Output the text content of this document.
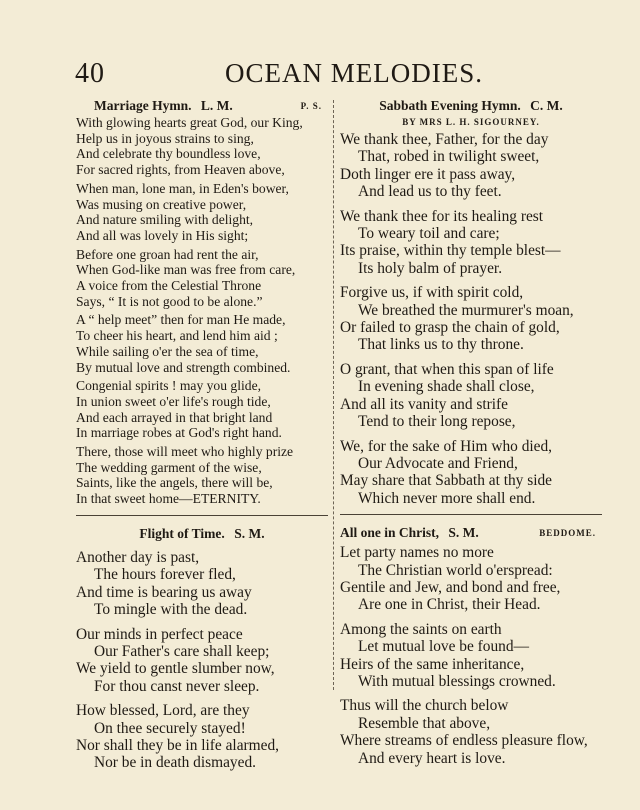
40	OCEAN MELODIES.
Marriage Hymn. L. M.	P. S.
With glowing hearts great God, our King,
Help us in joyous strains to sing,
And celebrate thy boundless love,
For sacred rights, from Heaven above,
When man, lone man, in Eden's bower,
Was musing on creative power,
And nature smiling with delight,
And all was lovely in His sight;
Before one groan had rent the air,
When God-like man was free from care,
A voice from the Celestial Throne
Says, “ It is not good to be alone.”
A “ help meet” then for man He made,
To cheer his heart, and lend him aid ;
While sailing o'er the sea of time,
By mutual love and strength combined.
Congenial spirits ! may you glide,
In union sweet o'er life's rough tide,
And each arrayed in that bright land
In marriage robes at God's right hand.
There, those will meet who highly prize
The wedding garment of the wise,
Saints, like the angels, there will be,
In that sweet home—ETERNITY.
Flight of Time. S. M.
Another day is past,
The hours forever fled,
And time is bearing us away
To mingle with the dead.
Our minds in perfect peace
Our Father's care shall keep;
We yield to gentle slumber now,
For thou canst never sleep.
How blessed, Lord, are they
On thee securely stayed!
Nor shall they be in life alarmed,
Nor be in death dismayed.
Sabbath Evening Hymn. C. M.
BY MRS L. H. SIGOURNEY.
We thank thee, Father, for the day
That, robed in twilight sweet,
Doth linger ere it pass away,
And lead us to thy feet.
We thank thee for its healing rest
To weary toil and care;
Its praise, within thy temple blest—
Its holy balm of prayer.
Forgive us, if with spirit cold,
We breathed the murmurer's moan,
Or failed to grasp the chain of gold,
That links us to thy throne.
O grant, that when this span of life
In evening shade shall close,
And all its vanity and strife
Tend to their long repose,
We, for the sake of Him who died,
Our Advocate and Friend,
May share that Sabbath at thy side
Which never more shall end.
All one in Christ, S. M.	BEDDOME.
Let party names no more
The Christian world o'erspread:
Gentile and Jew, and bond and free,
Are one in Christ, their Head.
Among the saints on earth
Let mutual love be found—
Heirs of the same inheritance,
With mutual blessings crowned.
Thus will the church below
Resemble that above,
Where streams of endless pleasure flow,
And every heart is love.
